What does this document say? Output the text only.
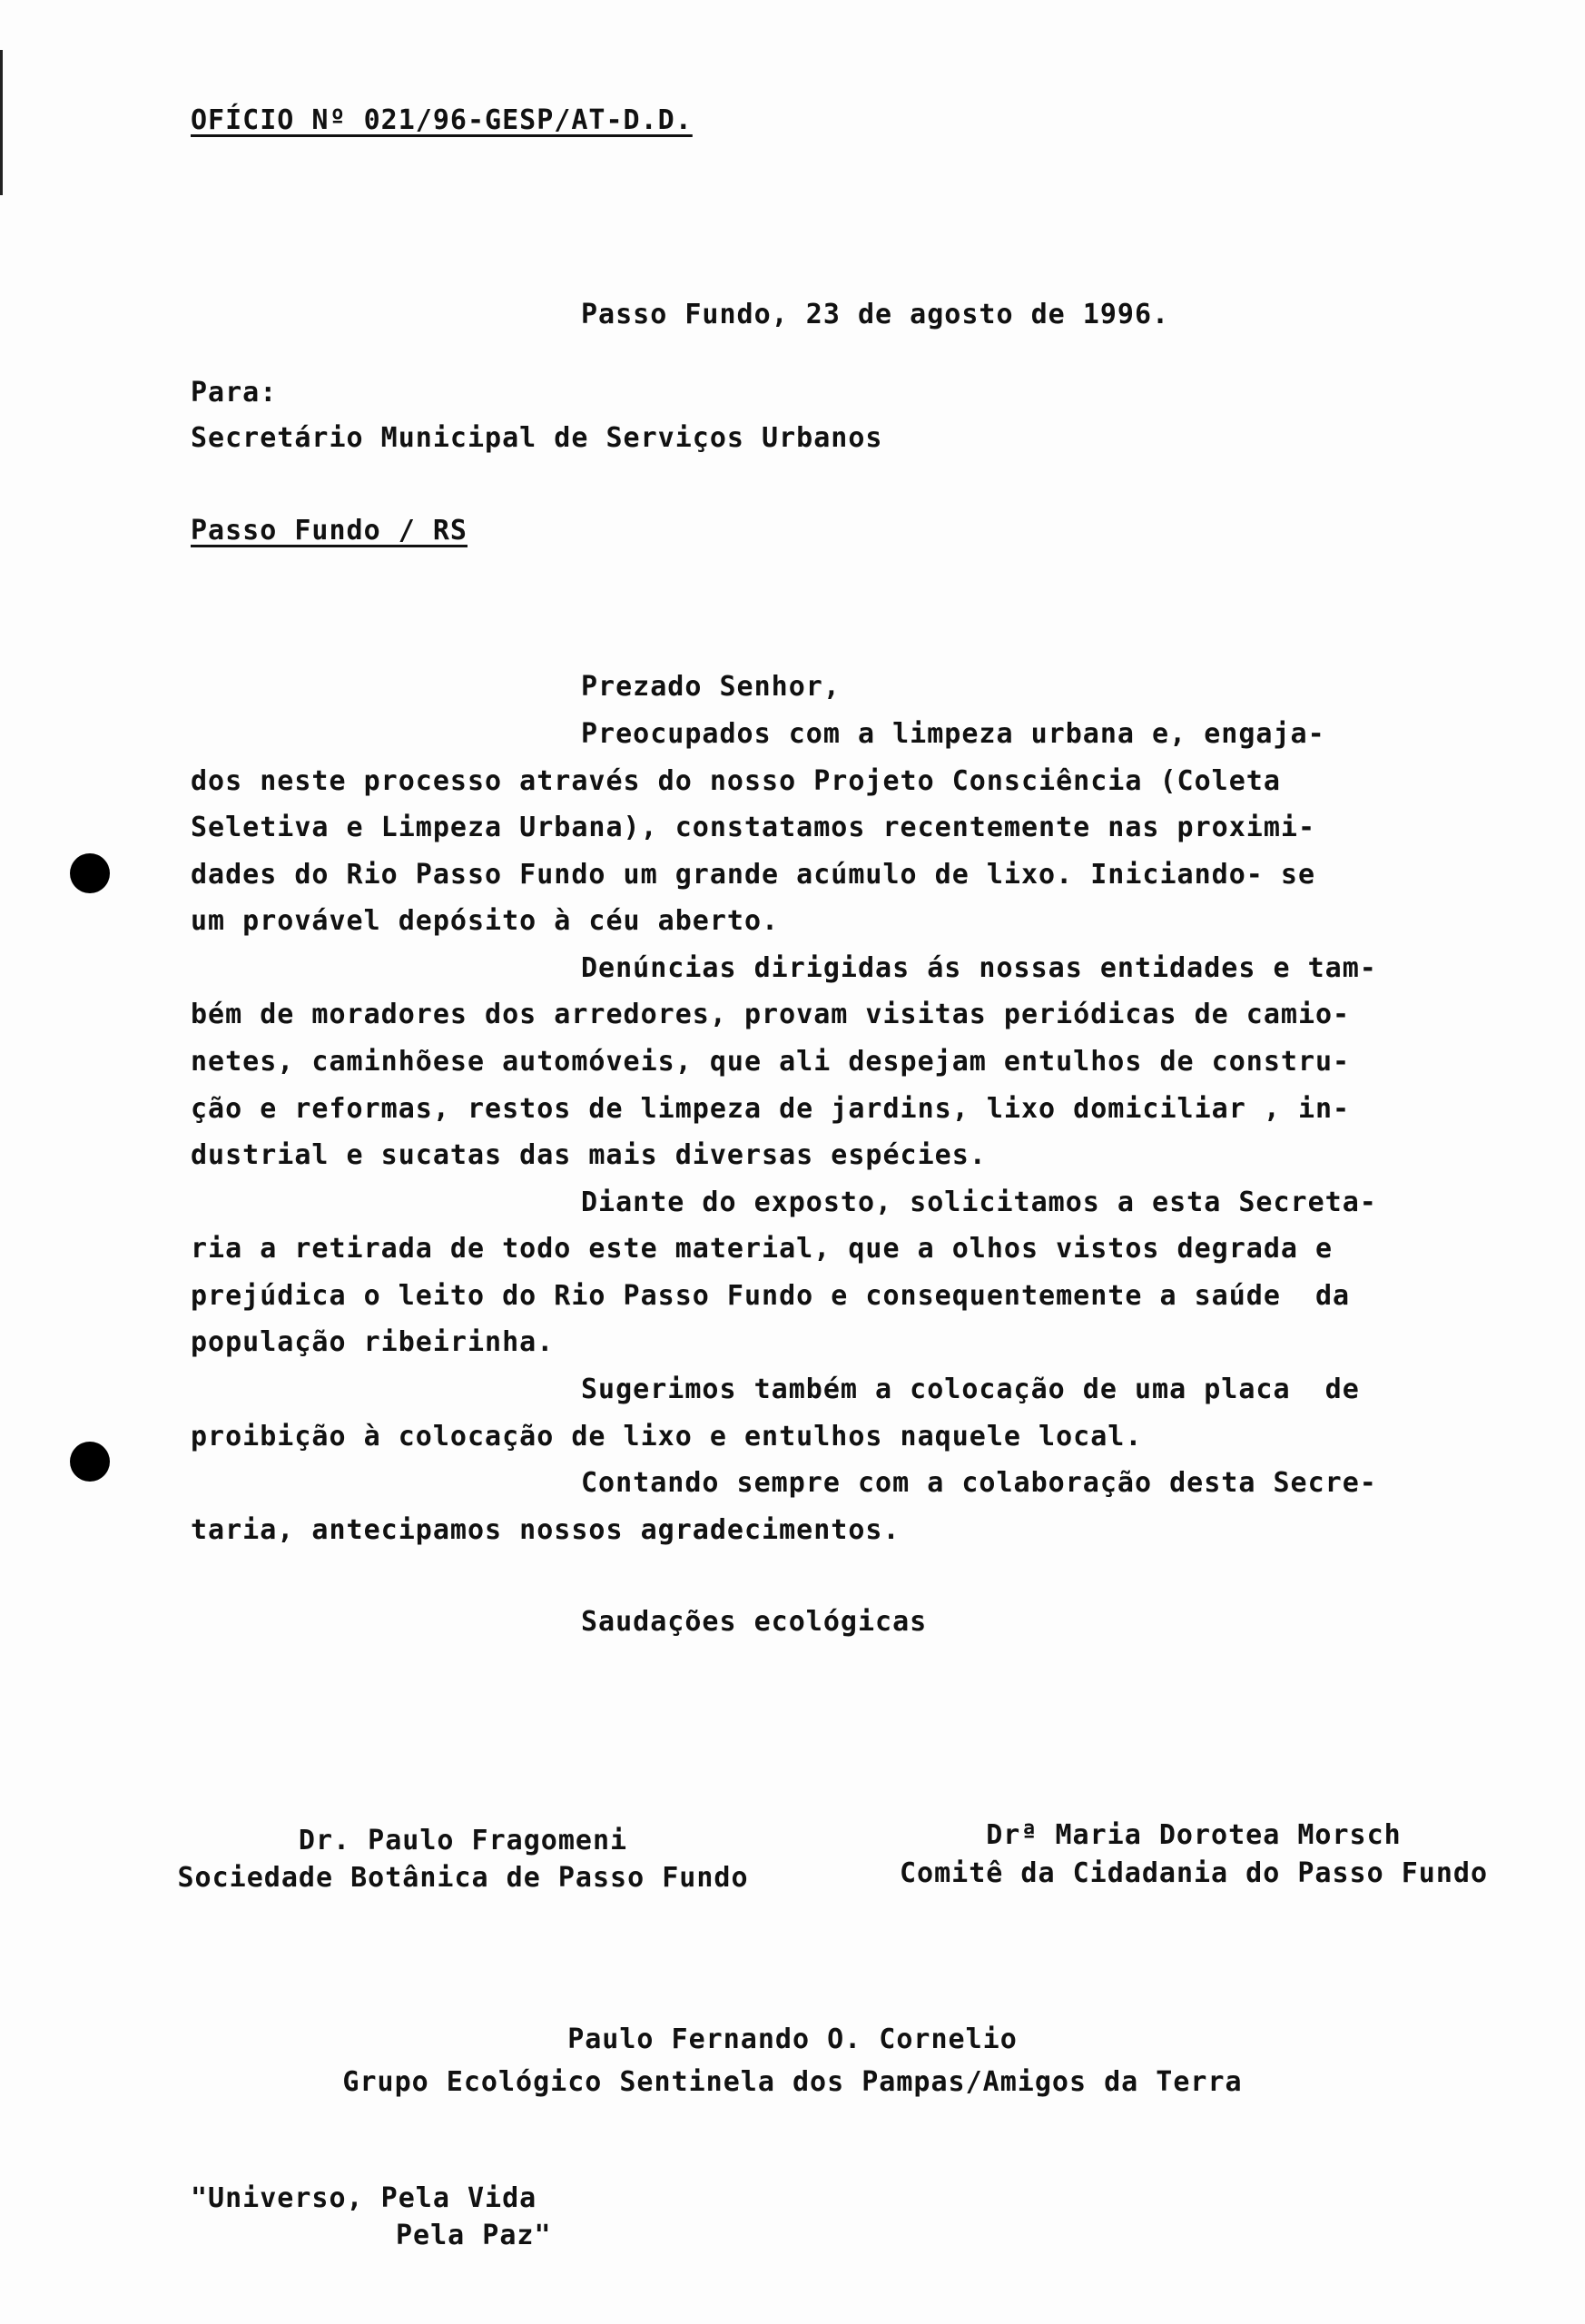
OFÍCIO Nº 021/96-GESP/AT-D.D.
Passo Fundo, 23 de agosto de 1996.
Para:
Secretário Municipal de Serviços Urbanos
Passo Fundo / RS
Prezado Senhor,
Preocupados com a limpeza urbana e, engaja-
dos neste processo através do nosso Projeto Consciência (Coleta
Seletiva e Limpeza Urbana), constatamos recentemente nas proximi-
dades do Rio Passo Fundo um grande acúmulo de lixo. Iniciando- se
um provável depósito à céu aberto.
Denúncias dirigidas ás nossas entidades e tam-
bém de moradores dos arredores, provam visitas periódicas de camio-
netes, caminhõese automóveis, que ali despejam entulhos de constru-
ção e reformas, restos de limpeza de jardins, lixo domiciliar , in-
dustrial e sucatas das mais diversas espécies.
Diante do exposto, solicitamos a esta Secreta-
ria a retirada de todo este material, que a olhos vistos degrada e
prejúdica o leito do Rio Passo Fundo e consequentemente a saúde  da
população ribeirinha.
Sugerimos também a colocação de uma placa  de
proibição à colocação de lixo e entulhos naquele local.
Contando sempre com a colaboração desta Secre-
taria, antecipamos nossos agradecimentos.
Saudações ecológicas
Dr. Paulo Fragomeni
Sociedade Botânica de Passo Fundo
Drª Maria Dorotea Morsch
Comitê da Cidadania do Passo Fundo
Paulo Fernando O. Cornelio
Grupo Ecológico Sentinela dos Pampas/Amigos da Terra
"Universo, Pela Vida
Pela Paz"
